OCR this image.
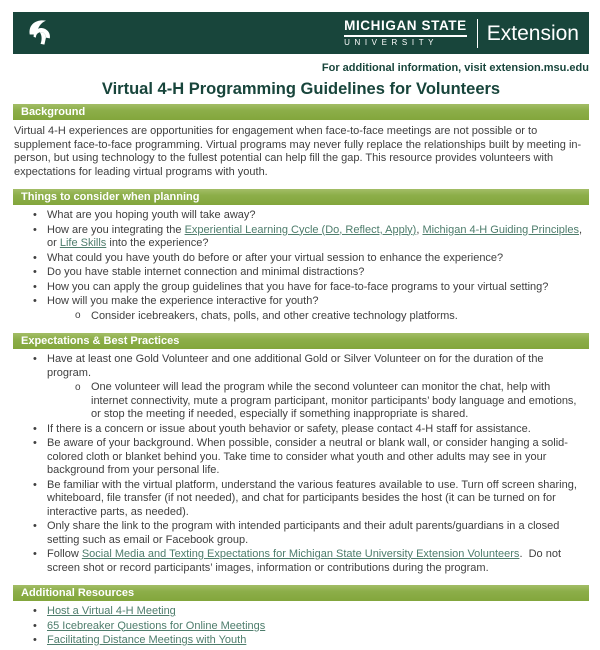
MICHIGAN STATE
UNIVERSITY	Extension
For additional information, visit extension.msu.edu
Virtual 4-H Programming Guidelines for Volunteers
Background

Virtual 4-H experiences are opportunities for engagement when face-to-face meetings are not possible or to supplement face-to-face programming. Virtual programs may never fully replace the relationships built by meeting in-person, but using technology to the fullest potential can help fill the gap. This resource provides volunteers with expectations for leading virtual programs with youth.

Things to consider when planning
• What are you hoping youth will take away?
• How are you integrating the Experiential Learning Cycle (Do, Reflect, Apply), Michigan 4-H Guiding Principles, or Life Skills into the experience?
• What could you have youth do before or after your virtual session to enhance the experience?
• Do you have stable internet connection and minimal distractions?
• How you can apply the group guidelines that you have for face-to-face programs to your virtual setting?
• How will you make the experience interactive for youth?
o Consider icebreakers, chats, polls, and other creative technology platforms.
Expectations & Best Practices
• Have at least one Gold Volunteer and one additional Gold or Silver Volunteer on for the duration of the program.
o One volunteer will lead the program while the second volunteer can monitor the chat, help with internet connectivity, mute a program participant, monitor participants’ body language and emotions, or stop the meeting if needed, especially if something inappropriate is shared.
• If there is a concern or issue about youth behavior or safety, please contact 4-H staff for assistance.
• Be aware of your background. When possible, consider a neutral or blank wall, or consider hanging a solid-colored cloth or blanket behind you. Take time to consider what youth and other adults may see in your background from your personal life.
• Be familiar with the virtual platform, understand the various features available to use. Turn off screen sharing, whiteboard, file transfer (if not needed), and chat for participants besides the host (it can be turned on for interactive parts, as needed).
• Only share the link to the program with intended participants and their adult parents/guardians in a closed setting such as email or Facebook group.
• Follow Social Media and Texting Expectations for Michigan State University Extension Volunteers.  Do not screen shot or record participants’ images, information or contributions during the program.
Additional Resources
• Host a Virtual 4-H Meeting
• 65 Icebreaker Questions for Online Meetings
• Facilitating Distance Meetings with Youth
